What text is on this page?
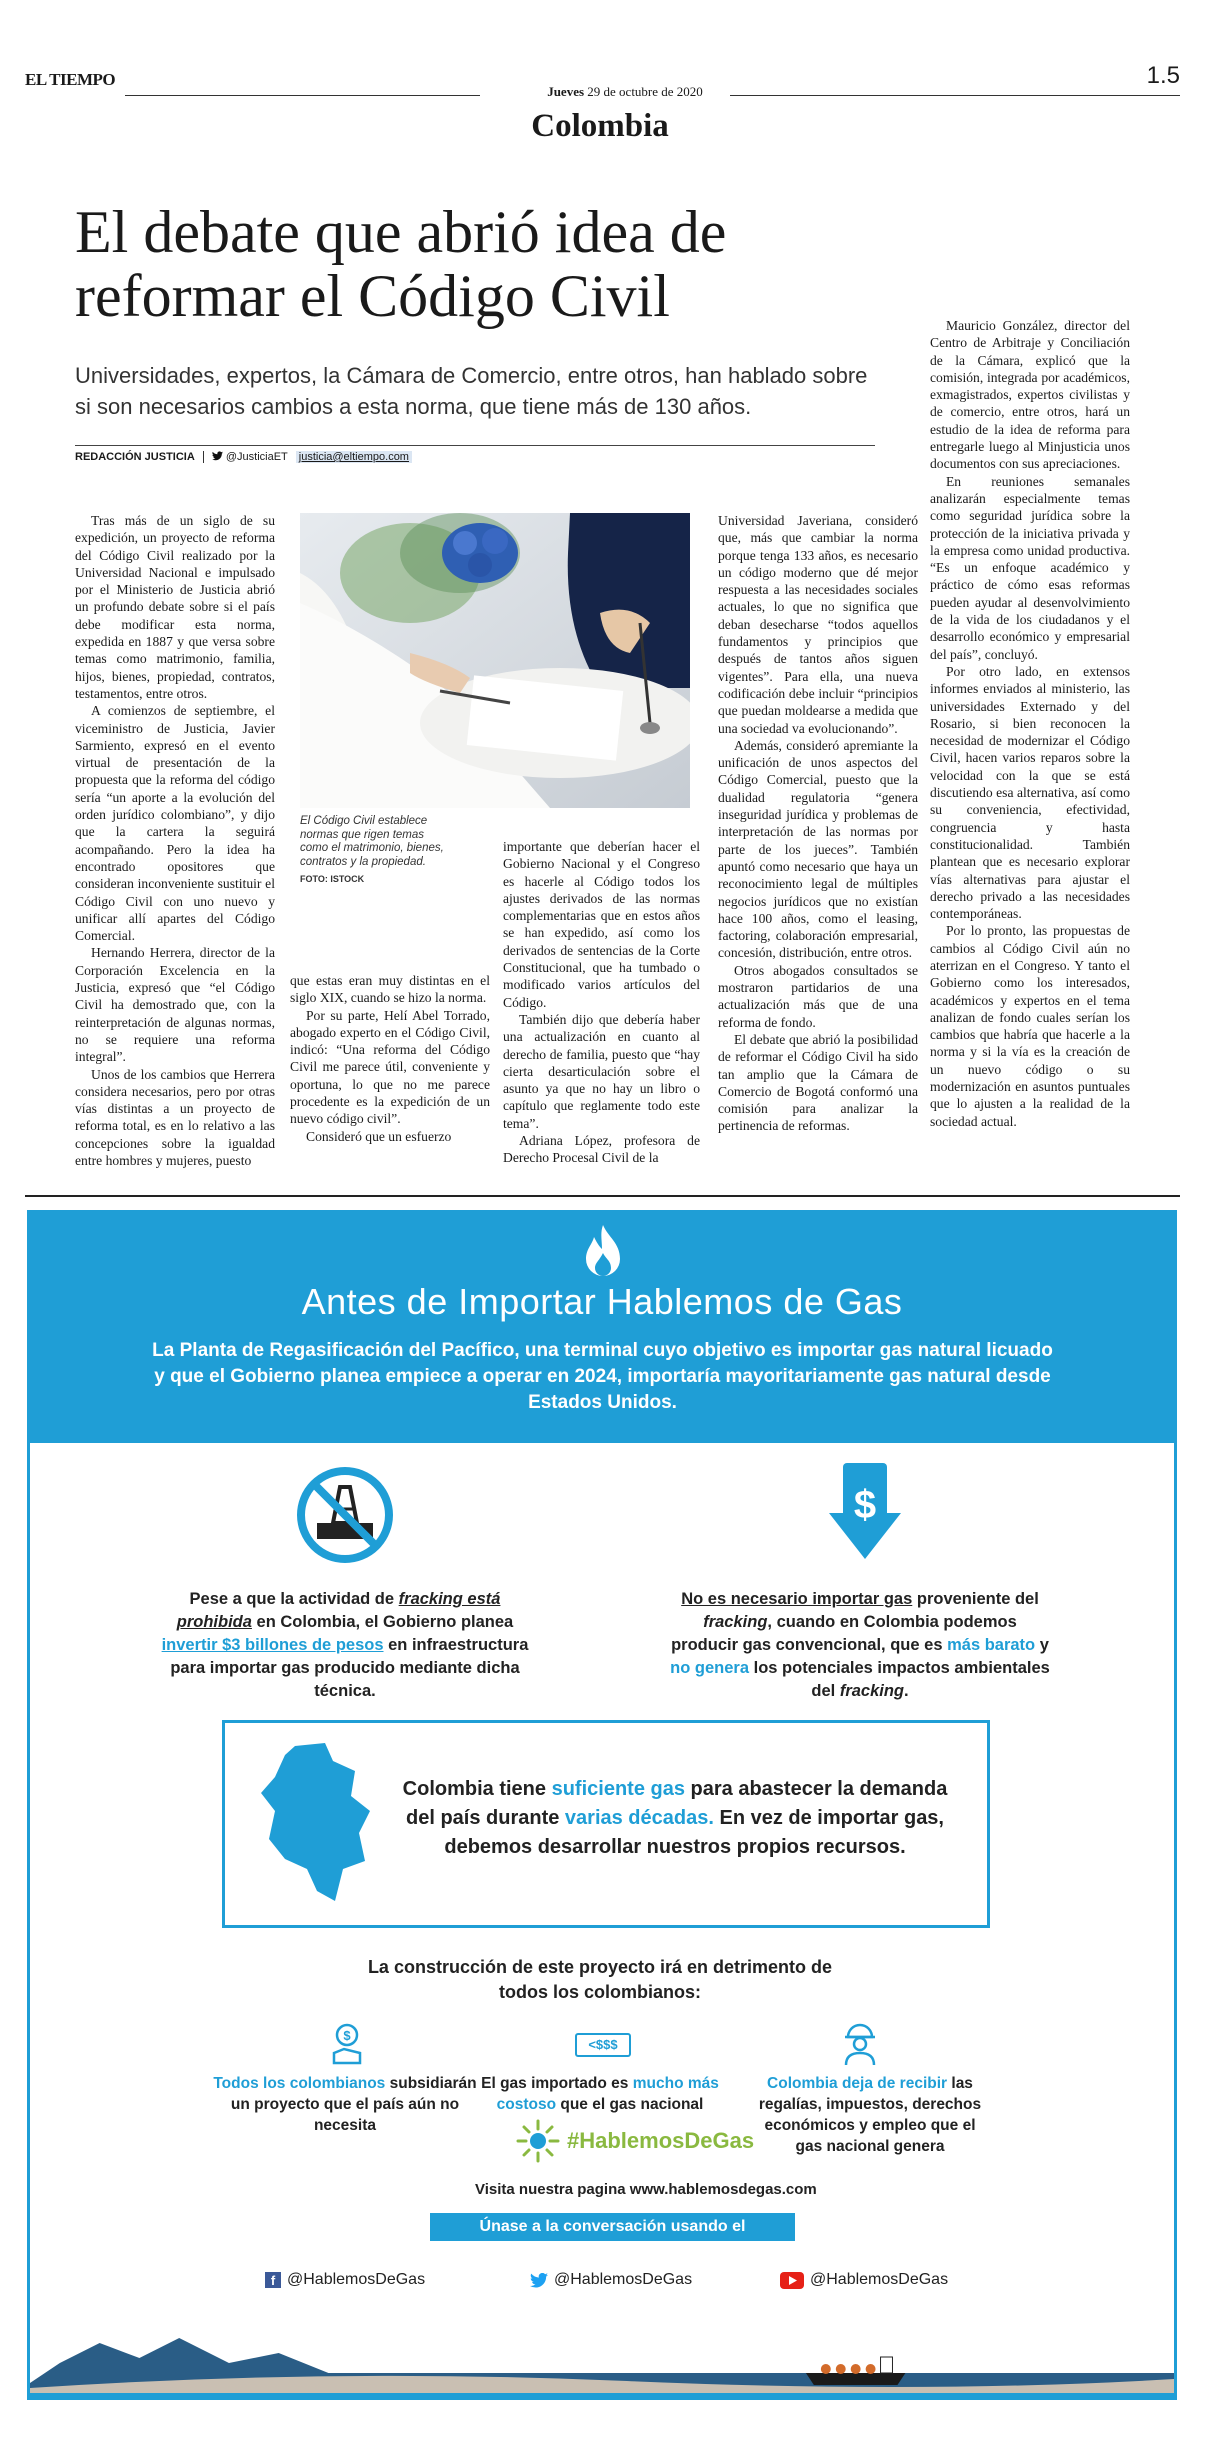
EL TIEMPO
Jueves 29 de octubre de 2020
1.5
Colombia
El debate que abrió idea de reformar el Código Civil
Universidades, expertos, la Cámara de Comercio, entre otros, han hablado sobre si son necesarios cambios a esta norma, que tiene más de 130 años.
REDACCIÓN JUSTICIA	@JusticiaET justicia@eltiempo.com
El Código Civil establece normas que rigen temas como el matrimonio, bienes, contratos y la propiedad.
FOTO: ISTOCK

Tras más de un siglo de su expedición, un proyecto de reforma del Código Civil realizado por la Universidad Nacional e impulsado por el Ministerio de Justicia abrió un profundo debate sobre si el país debe modificar esta norma, expedida en 1887 y que versa sobre temas como matrimonio, familia, hijos, bienes, propiedad, contratos, testamentos, entre otros.

A comienzos de septiembre, el viceministro de Justicia, Javier Sarmiento, expresó en el evento virtual de presentación de la propuesta que la reforma del código sería “un aporte a la evolución del orden jurídico colombiano”, y dijo que la cartera la seguirá acompañando. Pero la idea ha encontrado opositores que consideran inconveniente sustituir el Código Civil con uno nuevo y unificar allí apartes del Código Comercial.

Hernando Herrera, director de la Corporación Excelencia en la Justicia, expresó que “el Código Civil ha demostrado que, con la reinterpretación de algunas normas, no se requiere una reforma integral”.

Unos de los cambios que Herrera considera necesarios, pero por otras vías distintas a un proyecto de reforma total, es en lo relativo a las concepciones sobre la igualdad entre hombres y mujeres, puesto

que estas eran muy distintas en el siglo XIX, cuando se hizo la norma.

Por su parte, Helí Abel Torrado, abogado experto en el Código Civil, indicó: “Una reforma del Código Civil me parece útil, conveniente y oportuna, lo que no me parece procedente es la expedición de un nuevo código civil”.

Consideró que un esfuerzo

importante que deberían hacer el Gobierno Nacional y el Congreso es hacerle al Código todos los ajustes derivados de las normas complementarias que en estos años se han expedido, así como los derivados de sentencias de la Corte Constitucional, que ha tumbado o modificado varios artículos del Código.

También dijo que debería haber una actualización en cuanto al derecho de familia, puesto que “hay cierta desarticulación sobre el asunto ya que no hay un libro o capítulo que reglamente todo este tema”.

Adriana López, profesora de Derecho Procesal Civil de la

Universidad Javeriana, consideró que, más que cambiar la norma porque tenga 133 años, es necesario un código moderno que dé mejor respuesta a las necesidades sociales actuales, lo que no significa que deban desecharse “todos aquellos fundamentos y principios que después de tantos años siguen vigentes”. Para ella, una nueva codificación debe incluir “principios que puedan moldearse a medida que una sociedad va evolucionando”.

Además, consideró apremiante la unificación de unos aspectos del Código Comercial, puesto que la dualidad regulatoria “genera inseguridad jurídica y problemas de interpretación de las normas por parte de los jueces”. También apuntó como necesario que haya un reconocimiento legal de múltiples negocios jurídicos que no existían hace 100 años, como el leasing, factoring, colaboración empresarial, concesión, distribución, entre otros.

Otros abogados consultados se mostraron partidarios de una actualización más que de una reforma de fondo.

El debate que abrió la posibilidad de reformar el Código Civil ha sido tan amplio que la Cámara de Comercio de Bogotá conformó una comisión para analizar la pertinencia de reformas.

Mauricio González, director del Centro de Arbitraje y Conciliación de la Cámara, explicó que la comisión, integrada por académicos, exmagistrados, expertos civilistas y de comercio, entre otros, hará un estudio de la idea de reforma para entregarle luego al Minjusticia unos documentos con sus apreciaciones.

En reuniones semanales analizarán especialmente temas como seguridad jurídica sobre la protección de la iniciativa privada y la empresa como unidad productiva. “Es un enfoque académico y práctico de cómo esas reformas pueden ayudar al desenvolvimiento de la vida de los ciudadanos y el desarrollo económico y empresarial del país”, concluyó.

Por otro lado, en extensos informes enviados al ministerio, las universidades Externado y del Rosario, si bien reconocen la necesidad de modernizar el Código Civil, hacen varios reparos sobre la velocidad con la que se está discutiendo esa alternativa, así como su conveniencia, efectividad, congruencia y hasta constitucionalidad. También plantean que es necesario explorar vías alternativas para ajustar el derecho privado a las necesidades contemporáneas.

Por lo pronto, las propuestas de cambios al Código Civil aún no aterrizan en el Congreso. Y tanto el Gobierno como los interesados, académicos y expertos en el tema analizan de fondo cuales serían los cambios que habría que hacerle a la norma y si la vía es la creación de un nuevo código o su modernización en asuntos puntuales que lo ajusten a la realidad de la sociedad actual.

Antes de Importar Hablemos de Gas
La Planta de Regasificación del Pacífico, una terminal cuyo objetivo es importar gas natural licuado y que el Gobierno planea empiece a operar en 2024, importaría mayoritariamente gas natural desde Estados Unidos.
Pese a que la actividad de fracking está prohibida en Colombia, el Gobierno planea invertir $3 billones de pesos en infraestructura para importar gas producido mediante dicha técnica.
$
No es necesario importar gas proveniente del fracking, cuando en Colombia podemos producir gas convencional, que es más barato y no genera los potenciales impactos ambientales del fracking.
Colombia tiene suficiente gas para abastecer la demanda del país durante varias décadas. En vez de importar gas, debemos desarrollar nuestros propios recursos.
La construcción de este proyecto irá en detrimento de todos los colombianos:
$
Todos los colombianos subsidiarán un proyecto que el país aún no necesita
<$$$
El gas importado es mucho más costoso que el gas nacional
Colombia deja de recibir las regalías, impuestos, derechos económicos y empleo que el gas nacional genera
#HablemosDeGas
Visita nuestra pagina www.hablemosdegas.com
Únase a la conversación usando el #HablemosDeGas
f @HablemosDeGas	@HablemosDeGas	@HablemosDeGas
